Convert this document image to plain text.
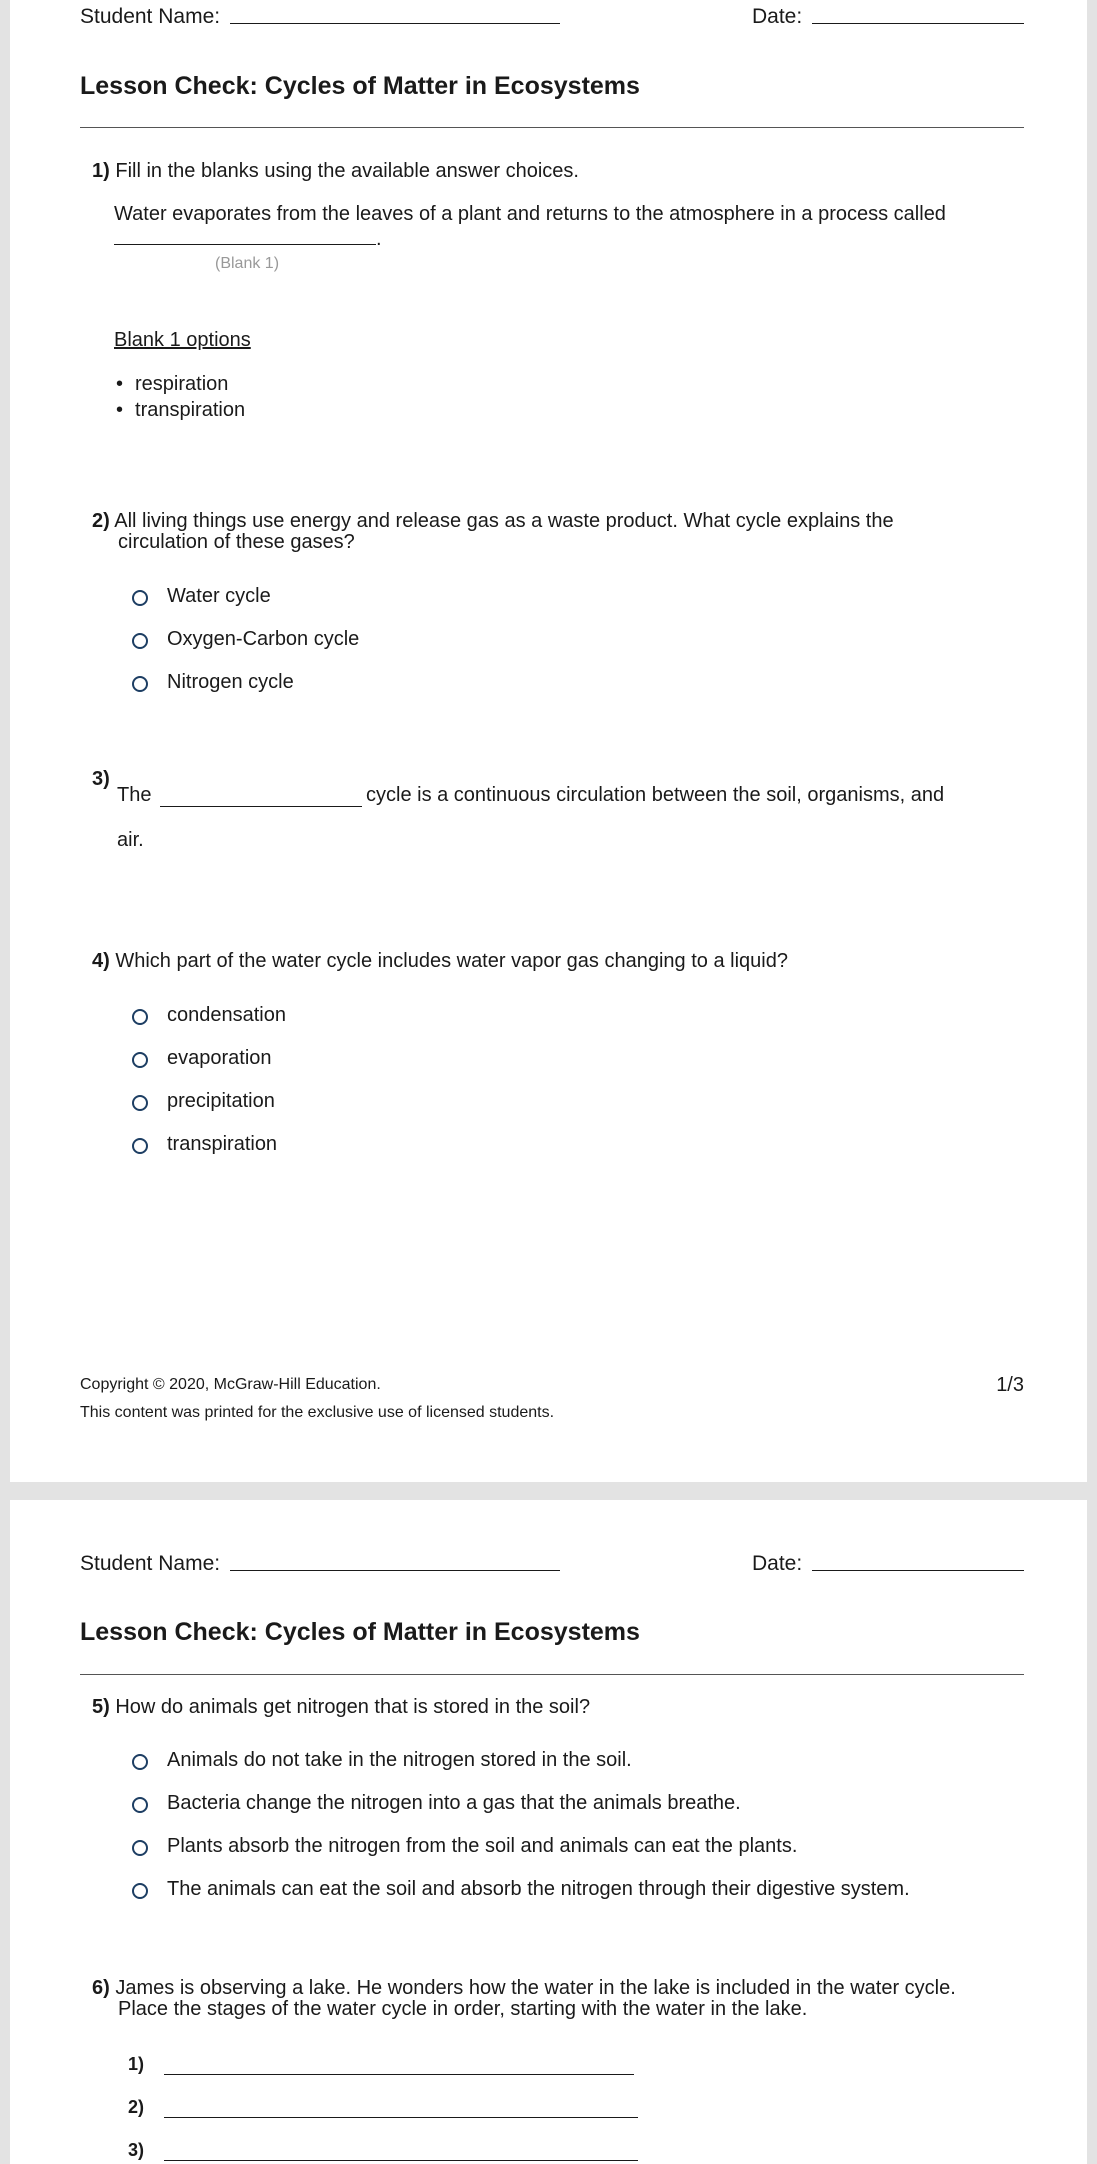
Student Name:	Date:
Lesson Check: Cycles of Matter in Ecosystems
1) Fill in the blanks using the available answer choices.
Water evaporates from the leaves of a plant and returns to the atmosphere in a process called
.
(Blank 1)
Blank 1 options
• respiration
• transpiration
2) All living things use energy and release gas as a waste product. What cycle explains the
circulation of these gases?
Water cycle
Oxygen-Carbon cycle
Nitrogen cycle
3)
The	cycle is a continuous circulation between the soil, organisms, and
air.
4) Which part of the water cycle includes water vapor gas changing to a liquid?
condensation
evaporation
precipitation
transpiration
Copyright © 2020, McGraw-Hill Education.
This content was printed for the exclusive use of licensed students.
1/3
Student Name:	Date:
Lesson Check: Cycles of Matter in Ecosystems
5) How do animals get nitrogen that is stored in the soil?
Animals do not take in the nitrogen stored in the soil.
Bacteria change the nitrogen into a gas that the animals breathe.
Plants absorb the nitrogen from the soil and animals can eat the plants.
The animals can eat the soil and absorb the nitrogen through their digestive system.
6) James is observing a lake. He wonders how the water in the lake is included in the water cycle.
Place the stages of the water cycle in order, starting with the water in the lake.
1)
2)
3)
